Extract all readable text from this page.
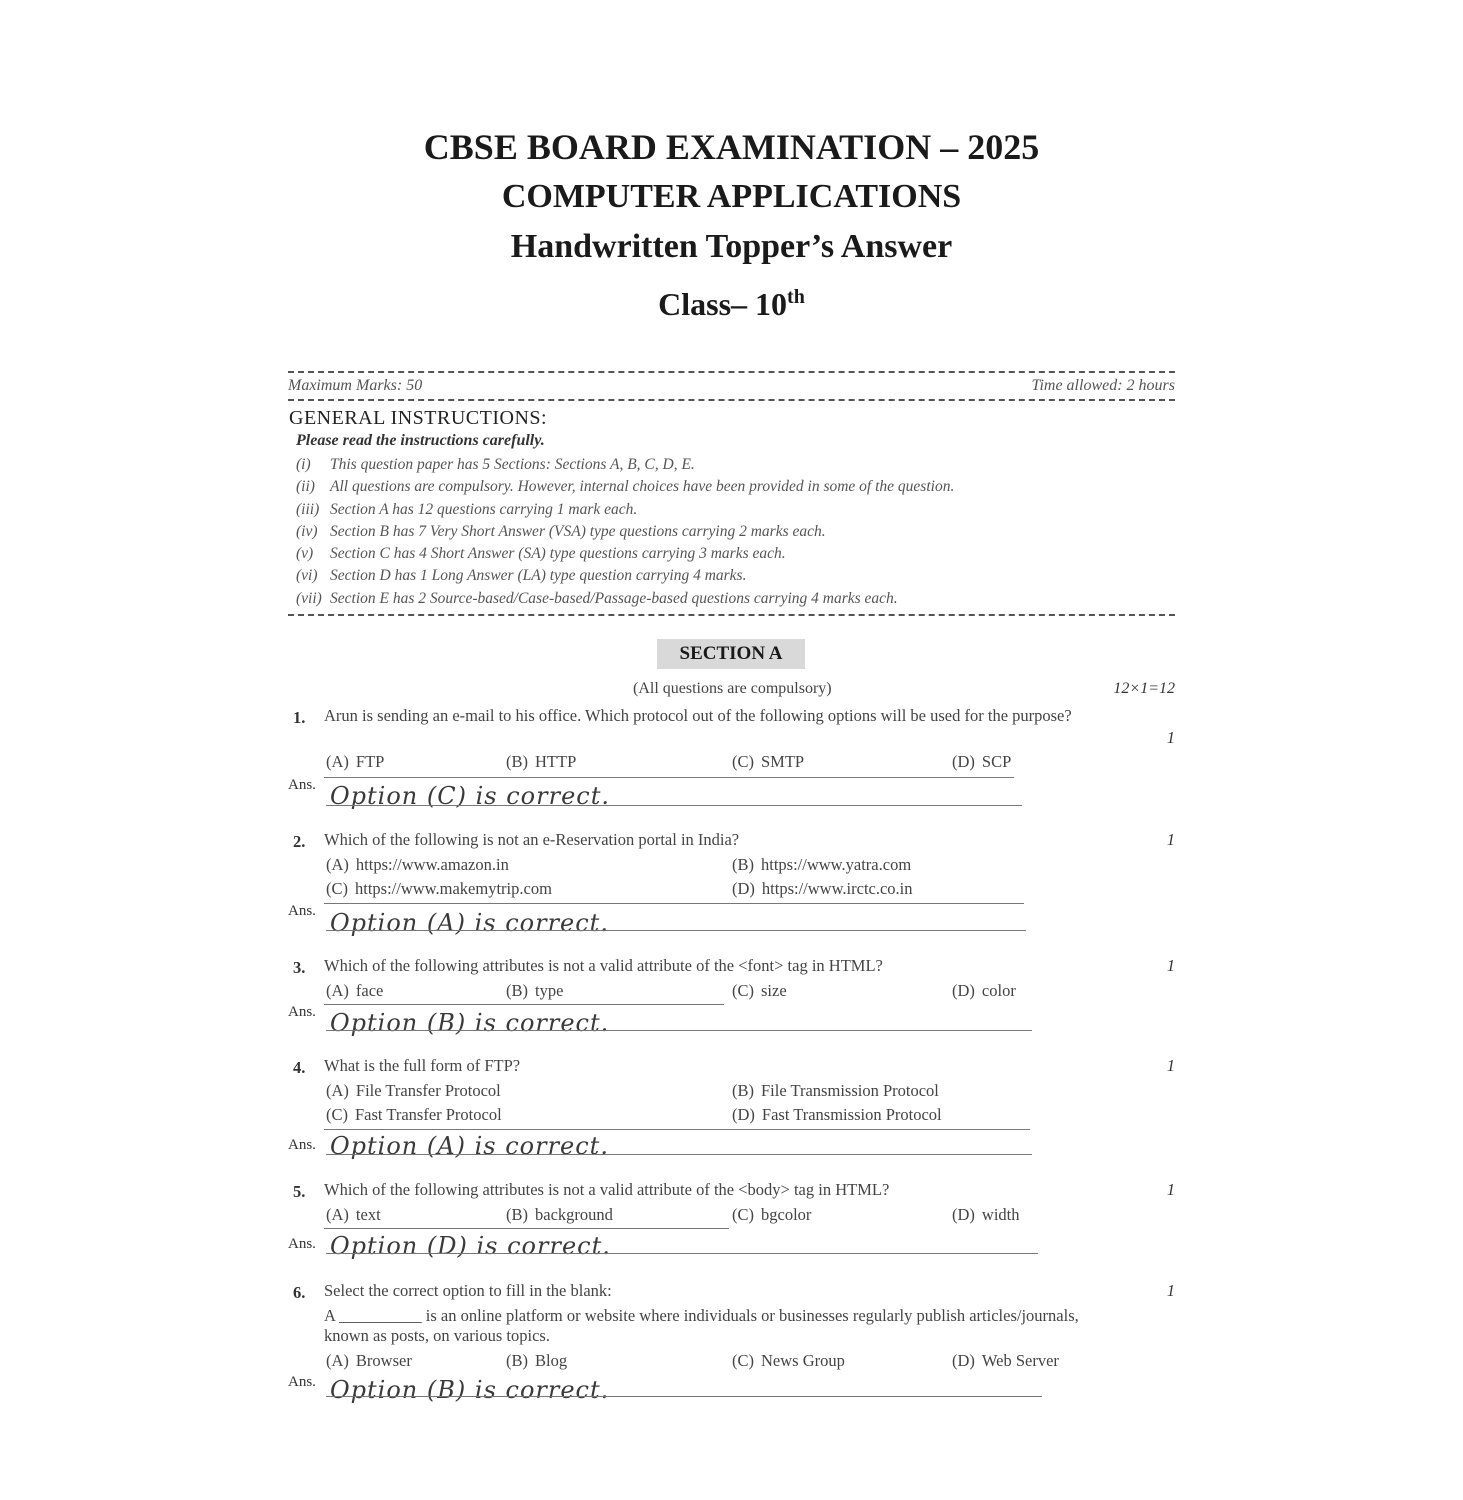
CBSE BOARD EXAMINATION – 2025
COMPUTER APPLICATIONS
Handwritten Topper’s Answer
Class– 10th
Maximum Marks: 50	Time allowed: 2 hours
GENERAL INSTRUCTIONS:
Please read the instructions carefully.
(i) This question paper has 5 Sections: Sections A, B, C, D, E.
(ii) All questions are compulsory. However, internal choices have been provided in some of the question.
(iii) Section A has 12 questions carrying 1 mark each.
(iv) Section B has 7 Very Short Answer (VSA) type questions carrying 2 marks each.
(v) Section C has 4 Short Answer (SA) type questions carrying 3 marks each.
(vi) Section D has 1 Long Answer (LA) type question carrying 4 marks.
(vii) Section E has 2 Source-based/Case-based/Passage-based questions carrying 4 marks each.
SECTION A
(All questions are compulsory)	12×1=12
1. Arun is sending an e-mail to his office. Which protocol out of the following options will be used for the purpose?
1
(A) FTP	(B) HTTP	(C) SMTP	(D) SCP
Ans. Option (C) is correct.
2. Which of the following is not an e-Reservation portal in India?	1
(A) https://www.amazon.in	(B) https://www.yatra.com
(C) https://www.makemytrip.com	(D) https://www.irctc.co.in
Ans. Option (A) is correct.
3. Which of the following attributes is not a valid attribute of the <font> tag in HTML?	1
(A) face	(B) type	(C) size	(D) color
Ans. Option (B) is correct.
4. What is the full form of FTP?	1
(A) File Transfer Protocol	(B) File Transmission Protocol
(C) Fast Transfer Protocol	(D) Fast Transmission Protocol
Ans. Option (A) is correct.
5. Which of the following attributes is not a valid attribute of the <body> tag in HTML?	1
(A) text	(B) background	(C) bgcolor	(D) width
Ans. Option (D) is correct.
6. Select the correct option to fill in the blank:
A __________ is an online platform or website where individuals or businesses regularly publish articles/journals,
known as posts, on various topics.
1
(A) Browser	(B) Blog	(C) News Group	(D) Web Server
Ans. Option (B) is correct.
